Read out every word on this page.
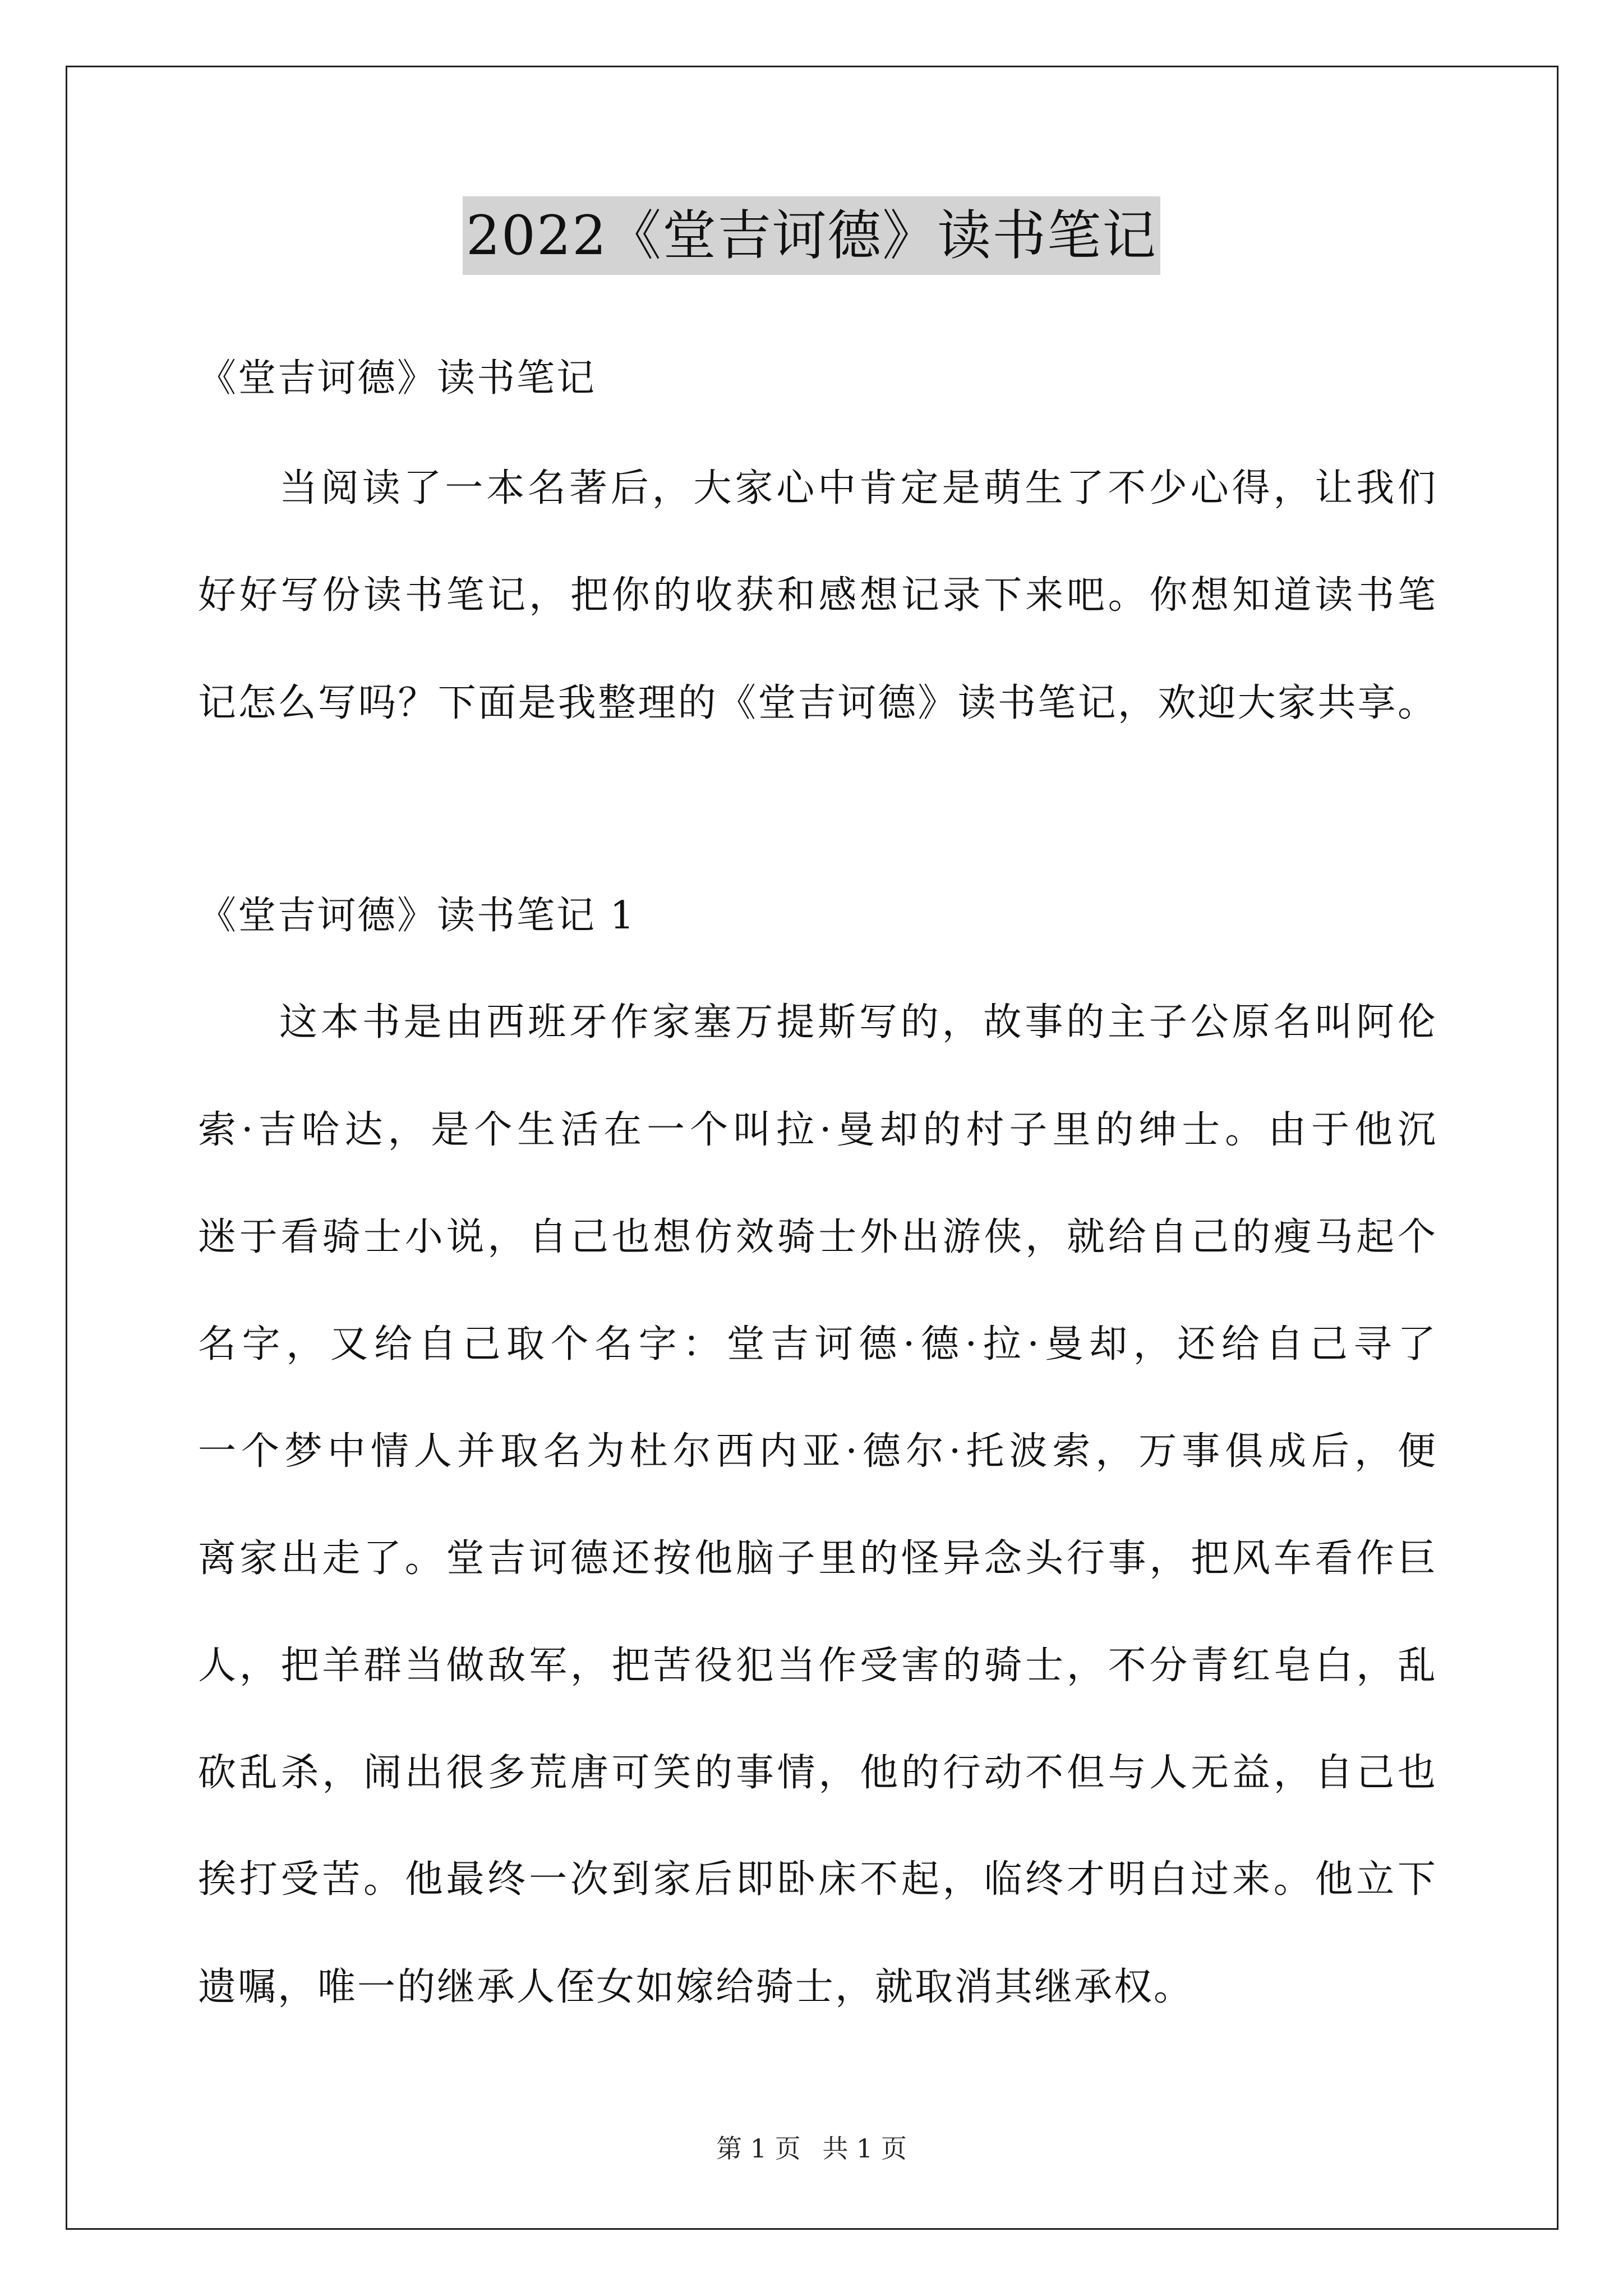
2022《堂吉诃德》读书笔记
《堂吉诃德》读书笔记
当阅读了一本名著后，大家心中肯定是萌生了不少心得，让我们
好好写份读书笔记，把你的收获和感想记录下来吧。你想知道读书笔
记怎么写吗？下面是我整理的《堂吉诃德》读书笔记，欢迎大家共享。
《堂吉诃德》读书笔记 1
这本书是由西班牙作家塞万提斯写的，故事的主子公原名叫阿伦
索·吉哈达，是个生活在一个叫拉·曼却的村子里的绅士。由于他沉
迷于看骑士小说，自己也想仿效骑士外出游侠，就给自己的瘦马起个
名字，又给自己取个名字：堂吉诃德·德·拉·曼却，还给自己寻了
一个梦中情人并取名为杜尔西内亚·德尔·托波索，万事俱成后，便
离家出走了。堂吉诃德还按他脑子里的怪异念头行事，把风车看作巨
人，把羊群当做敌军，把苦役犯当作受害的骑士，不分青红皂白，乱
砍乱杀，闹出很多荒唐可笑的事情，他的行动不但与人无益，自己也
挨打受苦。他最终一次到家后即卧床不起，临终才明白过来。他立下
遗嘱，唯一的继承人侄女如嫁给骑士，就取消其继承权。
第 1 页 共 1 页
